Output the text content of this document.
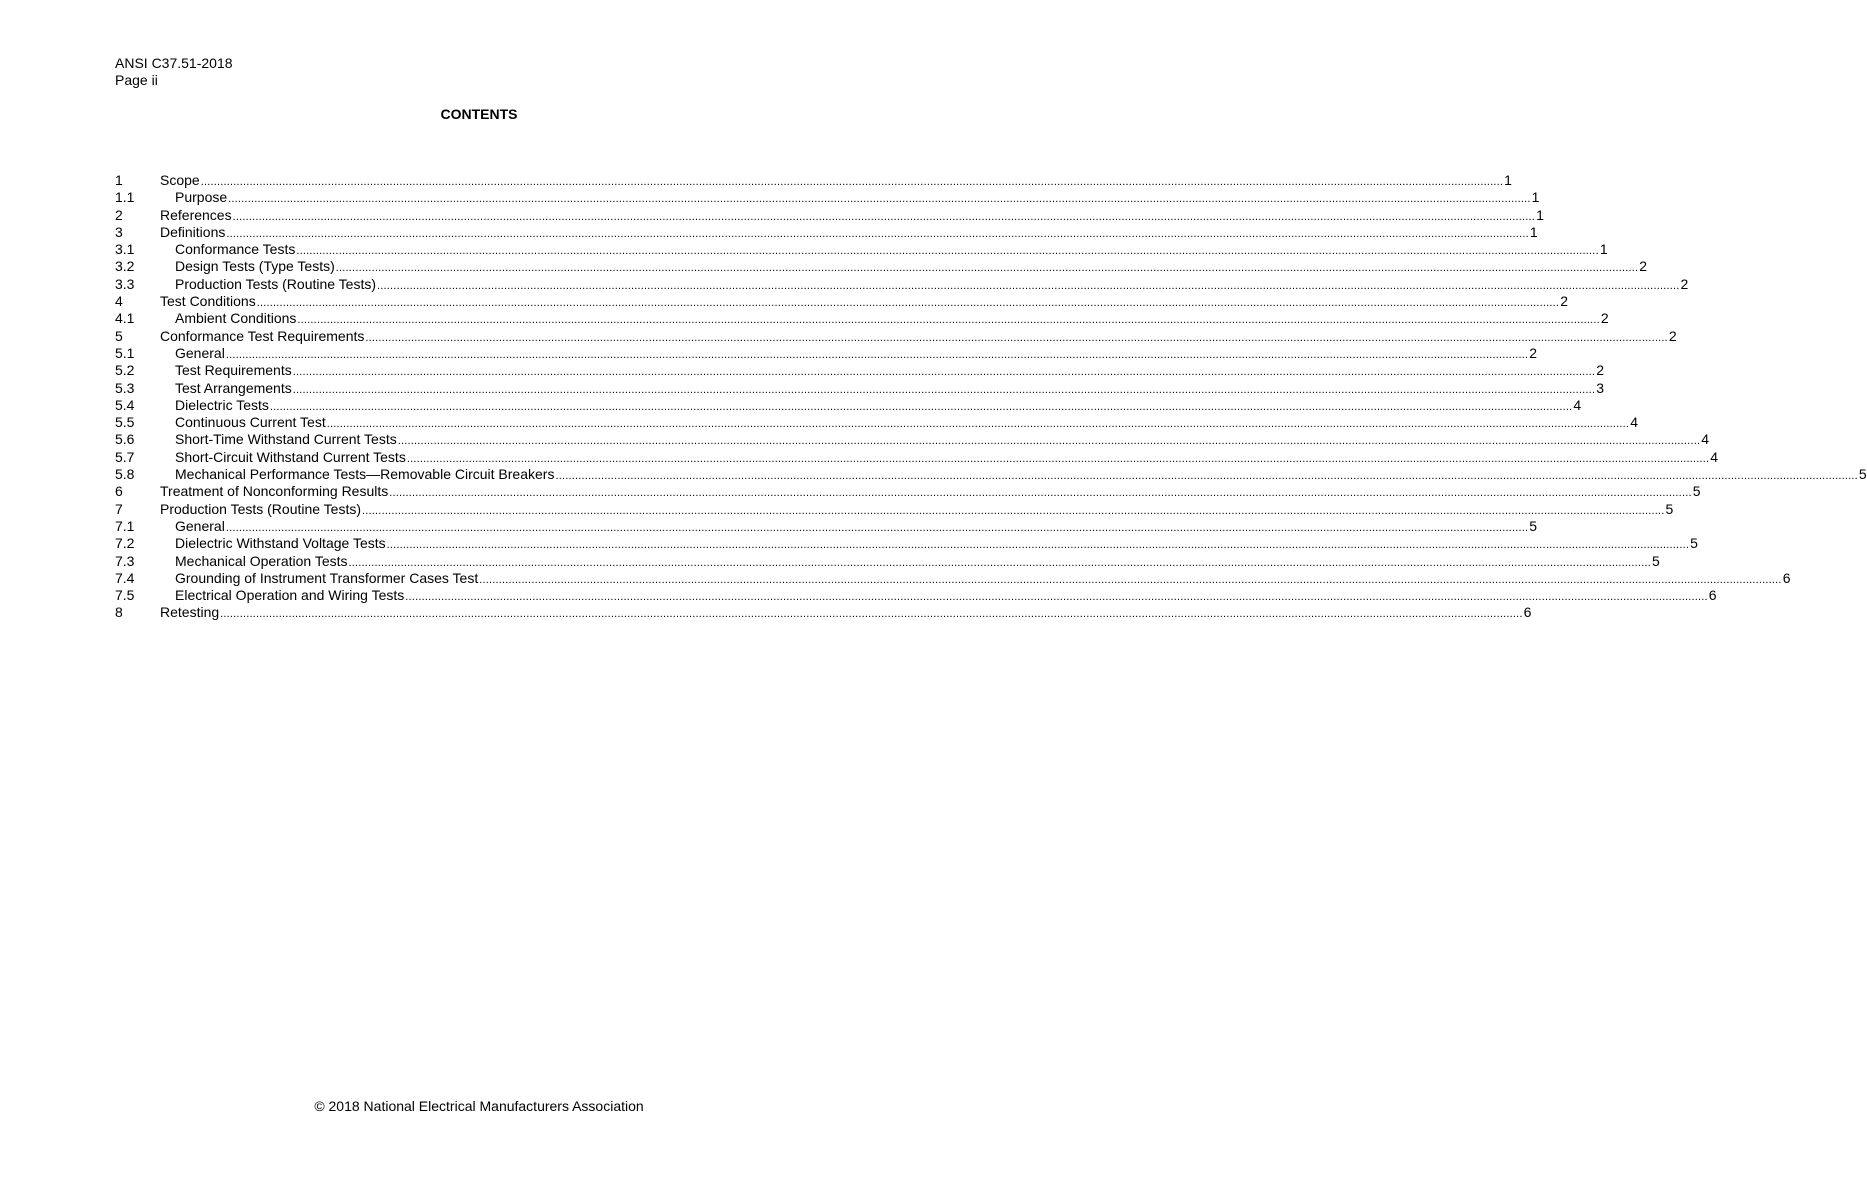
ANSI C37.51-2018
Page ii
CONTENTS
1	Scope ................................................................................................................................................................................................................................................................................................................................................................................................................ 1
1.1	Purpose ................................................................................................................................................................................................................................................................................................................................................................................................................ 1
2	References ................................................................................................................................................................................................................................................................................................................................................................................................................ 1
3	Definitions ................................................................................................................................................................................................................................................................................................................................................................................................................ 1
3.1	Conformance Tests ................................................................................................................................................................................................................................................................................................................................................................................................................ 1
3.2	Design Tests (Type Tests) ................................................................................................................................................................................................................................................................................................................................................................................................................ 2
3.3	Production Tests (Routine Tests) ................................................................................................................................................................................................................................................................................................................................................................................................................ 2
4	Test Conditions ................................................................................................................................................................................................................................................................................................................................................................................................................ 2
4.1	Ambient Conditions ................................................................................................................................................................................................................................................................................................................................................................................................................ 2
5	Conformance Test Requirements ................................................................................................................................................................................................................................................................................................................................................................................................................ 2
5.1	General ................................................................................................................................................................................................................................................................................................................................................................................................................ 2
5.2	Test Requirements ................................................................................................................................................................................................................................................................................................................................................................................................................ 2
5.3	Test Arrangements ................................................................................................................................................................................................................................................................................................................................................................................................................ 3
5.4	Dielectric Tests ................................................................................................................................................................................................................................................................................................................................................................................................................ 4
5.5	Continuous Current Test ................................................................................................................................................................................................................................................................................................................................................................................................................ 4
5.6	Short-Time Withstand Current Tests ................................................................................................................................................................................................................................................................................................................................................................................................................ 4
5.7	Short-Circuit Withstand Current Tests ................................................................................................................................................................................................................................................................................................................................................................................................................ 4
5.8	Mechanical Performance Tests—Removable Circuit Breakers ................................................................................................................................................................................................................................................................................................................................................................................................................ 5
6	Treatment of Nonconforming Results ................................................................................................................................................................................................................................................................................................................................................................................................................ 5
7	Production Tests (Routine Tests) ................................................................................................................................................................................................................................................................................................................................................................................................................ 5
7.1	General ................................................................................................................................................................................................................................................................................................................................................................................................................ 5
7.2	Dielectric Withstand Voltage Tests ................................................................................................................................................................................................................................................................................................................................................................................................................ 5
7.3	Mechanical Operation Tests ................................................................................................................................................................................................................................................................................................................................................................................................................ 5
7.4	Grounding of Instrument Transformer Cases Test ................................................................................................................................................................................................................................................................................................................................................................................................................ 6
7.5	Electrical Operation and Wiring Tests ................................................................................................................................................................................................................................................................................................................................................................................................................ 6
8	Retesting ................................................................................................................................................................................................................................................................................................................................................................................................................ 6
© 2018 National Electrical Manufacturers Association
